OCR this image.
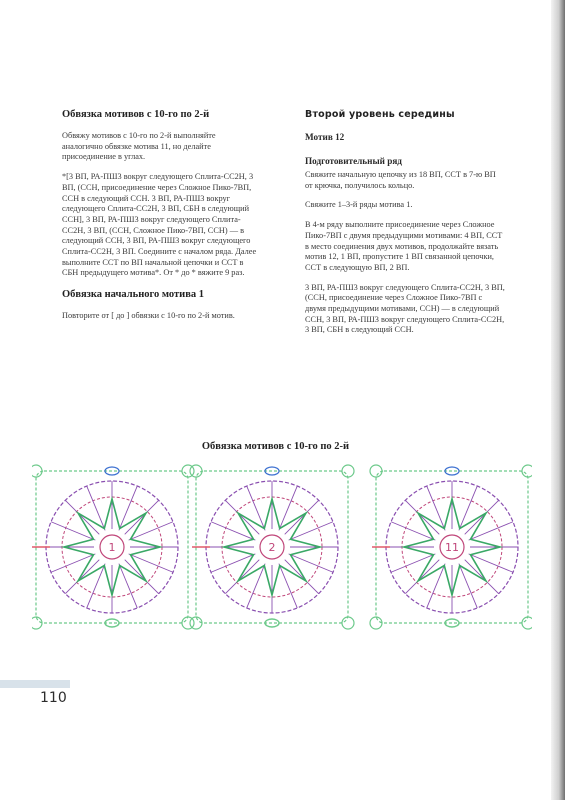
Обвязка мотивов с 10-го по 2-й

Обвяжу мотивов с 10-го по 2-й выполняйте аналогично обвязке мотива 11, но делайте присоединение в углах.

*[3 ВП, РА-ПШ3 вокруг следующего Сплита-СС2Н, 3 ВП, (ССН, присоединение через Сложное Пико-7ВП, ССН в следующий ССН. 3 ВП, РА-ПШ3 вокруг следующего Сплита-СС2Н, 3 ВП, СБН в следующий ССН], 3 ВП, РА-ПШ3 вокруг следующего Сплита-СС2Н, 3 ВП, (ССН, Сложное Пико-7ВП, ССН) — в следующий ССН, 3 ВП, РА-ПШ3 вокруг следующего Сплита-СС2Н, 3 ВП. Соедините с началом ряда. Далее выполните ССТ по ВП начальной цепочки и ССТ в СБН предыдущего мотива*. От * до * вяжите 9 раз.

Обвязка начального мотива 1

Повторите от [ до ] обвязки с 10-го по 2-й мотив.

Второй уровень середины
Мотив 12
Подготовительный ряд

Свяжите начальную цепочку из 18 ВП, ССТ в 7-ю ВП от крючка, получилось кольцо.

Свяжите 1–3-й ряды мотива 1.

В 4-м ряду выполните присоединение через Сложное Пико-7ВП с двумя предыдущими мотивами: 4 ВП, ССТ в место соединения двух мотивов, продолжайте вязать мотив 12, 1 ВП, пропустите 1 ВП связанной цепочки, ССТ в следующую ВП, 2 ВП.

3 ВП, РА-ПШ3 вокруг следующего Сплита-СС2Н, 3 ВП, (ССН, присоединение через Сложное Пико-7ВП с двумя предыдущими мотивами, ССН) — в следующий ССН, 3 ВП, РА-ПШ3 вокруг следующего Сплита-СС2Н, 3 ВП, СБН в следующий ССН.

Обвязка мотивов с 10-го по 2-й
1	2	11
110
